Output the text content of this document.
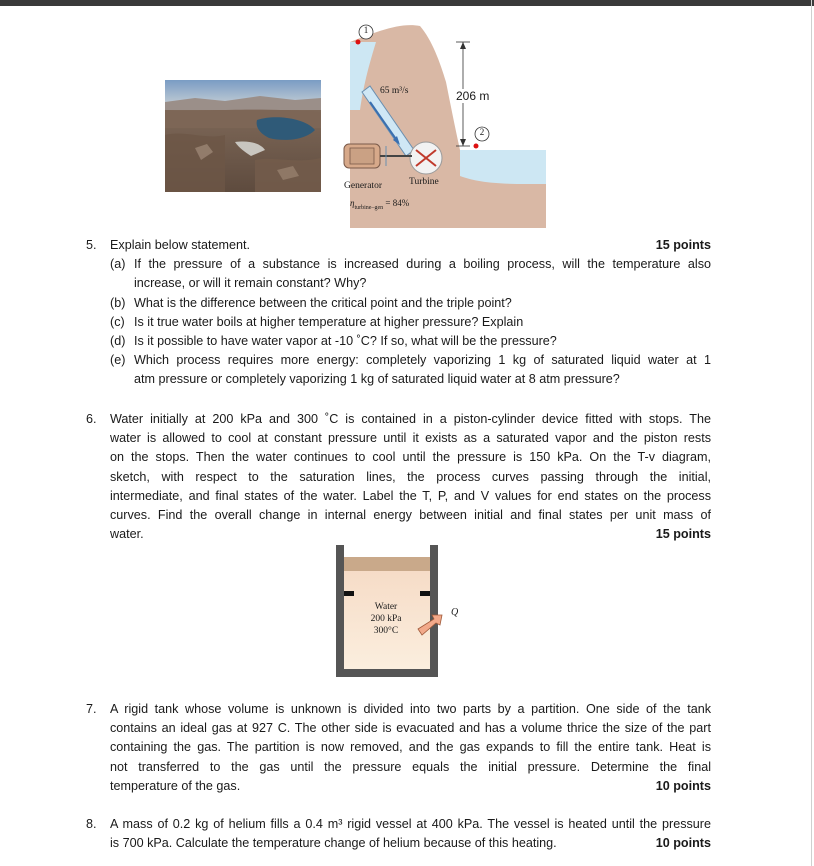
1
2
65 m³/s	206 m
Generator	Turbine
$\eta_{turbine-gen} = 84\%$
5. Explain below statement.	15 points
(a) If the pressure of a substance is increased during a boiling process, will the temperature also
increase, or will it remain constant? Why?
(b) What is the difference between the critical point and the triple point?
(c) Is it true water boils at higher temperature at higher pressure? Explain
(d) Is it possible to have water vapor at -10 ˚C? If so, what will be the pressure?
(e) Which process requires more energy: completely vaporizing 1 kg of saturated liquid water at 1
atm pressure or completely vaporizing 1 kg of saturated liquid water at 8 atm pressure?
6. Water initially at 200 kPa and 300 ˚C is contained in a piston-cylinder device fitted with stops. The
water is allowed to cool at constant pressure until it exists as a saturated vapor and the piston rests
on the stops. Then the water continues to cool until the pressure is 150 kPa. On the T-v diagram,
sketch, with respect to the saturation lines, the process curves passing through the initial,
intermediate, and final states of the water. Label the T, P, and V values for end states on the process
curves. Find the overall change in internal energy between initial and final states per unit mass of
water.	15 points
Water
200 kPa
300°C
Q
7. A rigid tank whose volume is unknown is divided into two parts by a partition. One side of the tank
contains an ideal gas at 927 C. The other side is evacuated and has a volume thrice the size of the part
containing the gas. The partition is now removed, and the gas expands to fill the entire tank. Heat is
not transferred to the gas until the pressure equals the initial pressure. Determine the final
temperature of the gas.	10 points
8. A mass of 0.2 kg of helium fills a 0.4 m³ rigid vessel at 400 kPa. The vessel is heated until the pressure
is 700 kPa. Calculate the temperature change of helium because of this heating.	10 points
